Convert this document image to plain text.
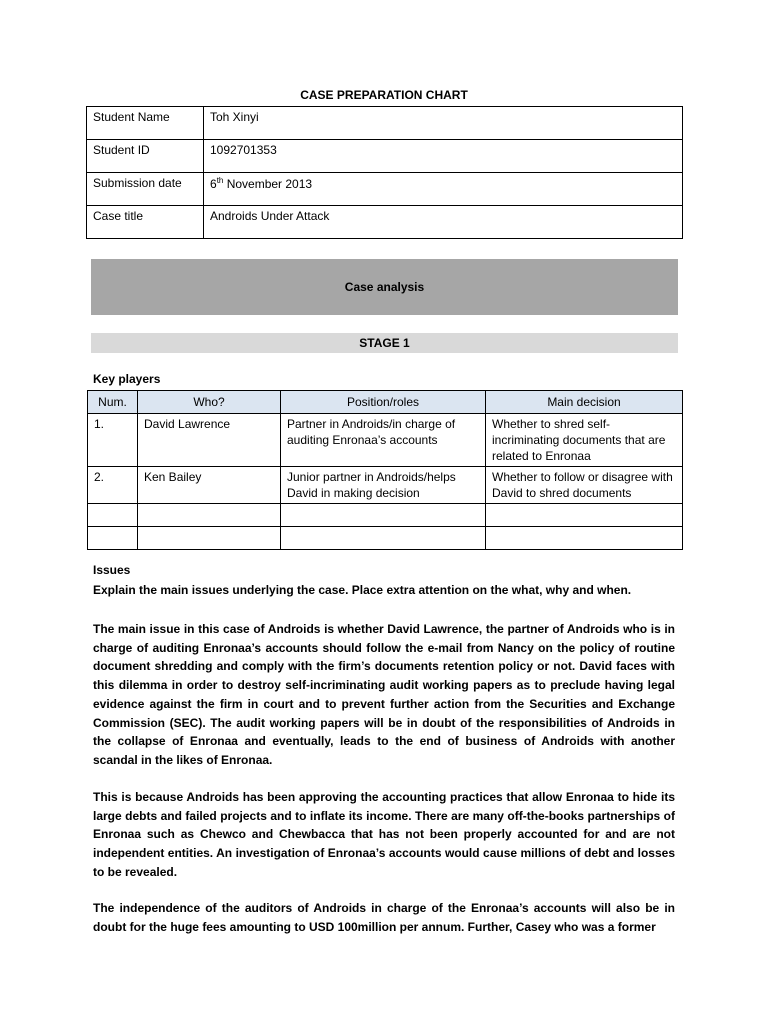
CASE PREPARATION CHART
Student Name	Toh Xinyi
Student ID	1092701353
Submission date	6th November 2013
Case title	Androids Under Attack
Case analysis
STAGE 1
Key players
Num.	Who?	Position/roles	Main decision
1.	David Lawrence	Partner in Androids/in charge of auditing Enronaa’s accounts	Whether to shred self-incriminating documents that are related to Enronaa
2.	Ken Bailey	Junior partner in Androids/helps David in making decision	Whether to follow or disagree with David to shred documents

Issues
Explain the main issues underlying the case. Place extra attention on the what, why and when.
The main issue in this case of Androids is whether David Lawrence, the partner of Androids who is in charge of auditing Enronaa’s accounts should follow the e-mail from Nancy on the policy of routine document shredding and comply with the firm’s documents retention policy or not. David faces with this dilemma in order to destroy self-incriminating audit working papers as to preclude having legal evidence against the firm in court and to prevent further action from the Securities and Exchange Commission (SEC). The audit working papers will be in doubt of the responsibilities of Androids in the collapse of Enronaa and eventually, leads to the end of business of Androids with another scandal in the likes of Enronaa.
This is because Androids has been approving the accounting practices that allow Enronaa to hide its large debts and failed projects and to inflate its income. There are many off-the-books partnerships of Enronaa such as Chewco and Chewbacca that has not been properly accounted for and are not independent entities. An investigation of Enronaa’s accounts would cause millions of debt and losses to be revealed.
The independence of the auditors of Androids in charge of the Enronaa’s accounts will also be in doubt for the huge fees amounting to USD 100million per annum. Further, Casey who was a former
